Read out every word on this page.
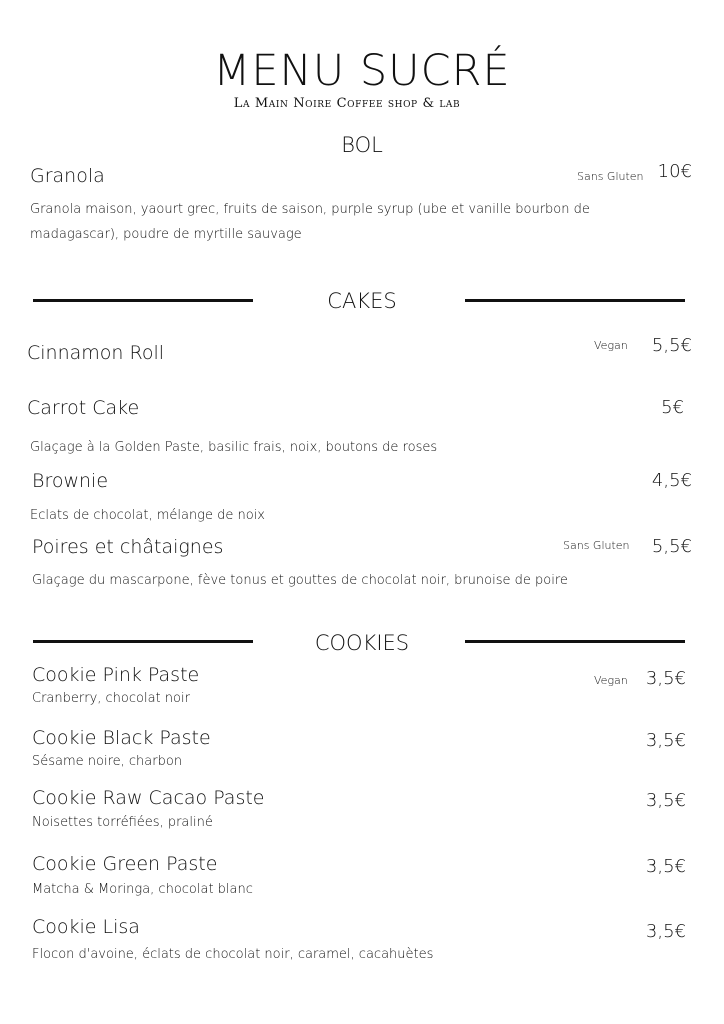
MENU SUCRÉ
La Main Noire Coffee shop & lab
BOL
Granola	Sans Gluten 10€
Granola maison, yaourt grec, fruits de saison, purple syrup (ube et vanille bourbon de
madagascar), poudre de myrtille sauvage
CAKES
Cinnamon Roll	Vegan 5,5€
Carrot Cake	5€
Glaçage à la Golden Paste, basilic frais, noix, boutons de roses
Brownie	4,5€
Eclats de chocolat, mélange de noix
Poires et châtaignes	Sans Gluten 5,5€
Glaçage du mascarpone, fève tonus et gouttes de chocolat noir, brunoise de poire
COOKIES
Cookie Pink Paste	Vegan 3,5€
Cranberry, chocolat noir
Cookie Black Paste	3,5€
Sésame noire, charbon
Cookie Raw Cacao Paste	3,5€
Noisettes torréfiées, praliné
Cookie Green Paste	3,5€
Matcha & Moringa, chocolat blanc
Cookie Lisa	3,5€
Flocon d'avoine, éclats de chocolat noir, caramel, cacahuètes
